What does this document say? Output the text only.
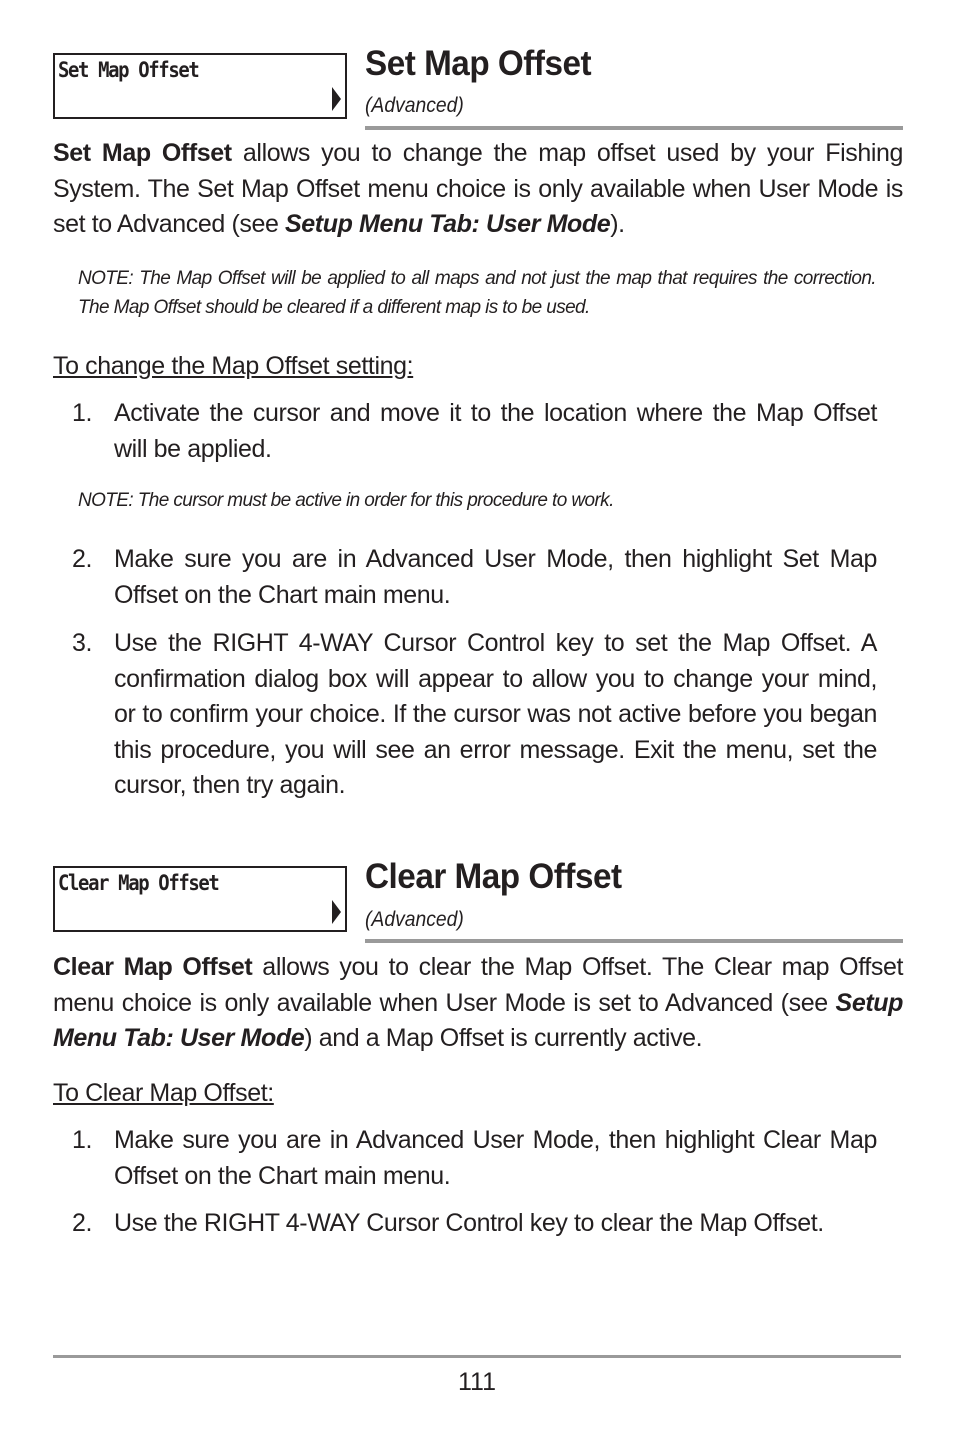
Set Map Offset	Set Map Offset
(Advanced)

Set Map Offset allows you to change the map offset used by your Fishing System. The Set Map Offset menu choice is only available when User Mode is set to Advanced (see Setup Menu Tab: User Mode).

NOTE: The Map Offset will be applied to all maps and not just the map that requires the correction. The Map Offset should be cleared if a different map is to be used.

To change the Map Offset setting:

1. Activate the cursor and move it to the location where the Map Offset will be applied.

NOTE: The cursor must be active in order for this procedure to work.

2. Make sure you are in Advanced User Mode, then highlight Set Map Offset on the Chart main menu.
3. Use the RIGHT 4-WAY Cursor Control key to set the Map Offset. A confirmation dialog box will appear to allow you to change your mind, or to confirm your choice. If the cursor was not active before you began this procedure, you will see an error message. Exit the menu, set the cursor, then try again.
Clear Map Offset	Clear Map Offset
(Advanced)

Clear Map Offset allows you to clear the Map Offset. The Clear map Offset menu choice is only available when User Mode is set to Advanced (see Setup Menu Tab: User Mode) and a Map Offset is currently active.

To Clear Map Offset:

1. Make sure you are in Advanced User Mode, then highlight Clear Map Offset on the Chart main menu.
2. Use the RIGHT 4-WAY Cursor Control key to clear the Map Offset.
111
